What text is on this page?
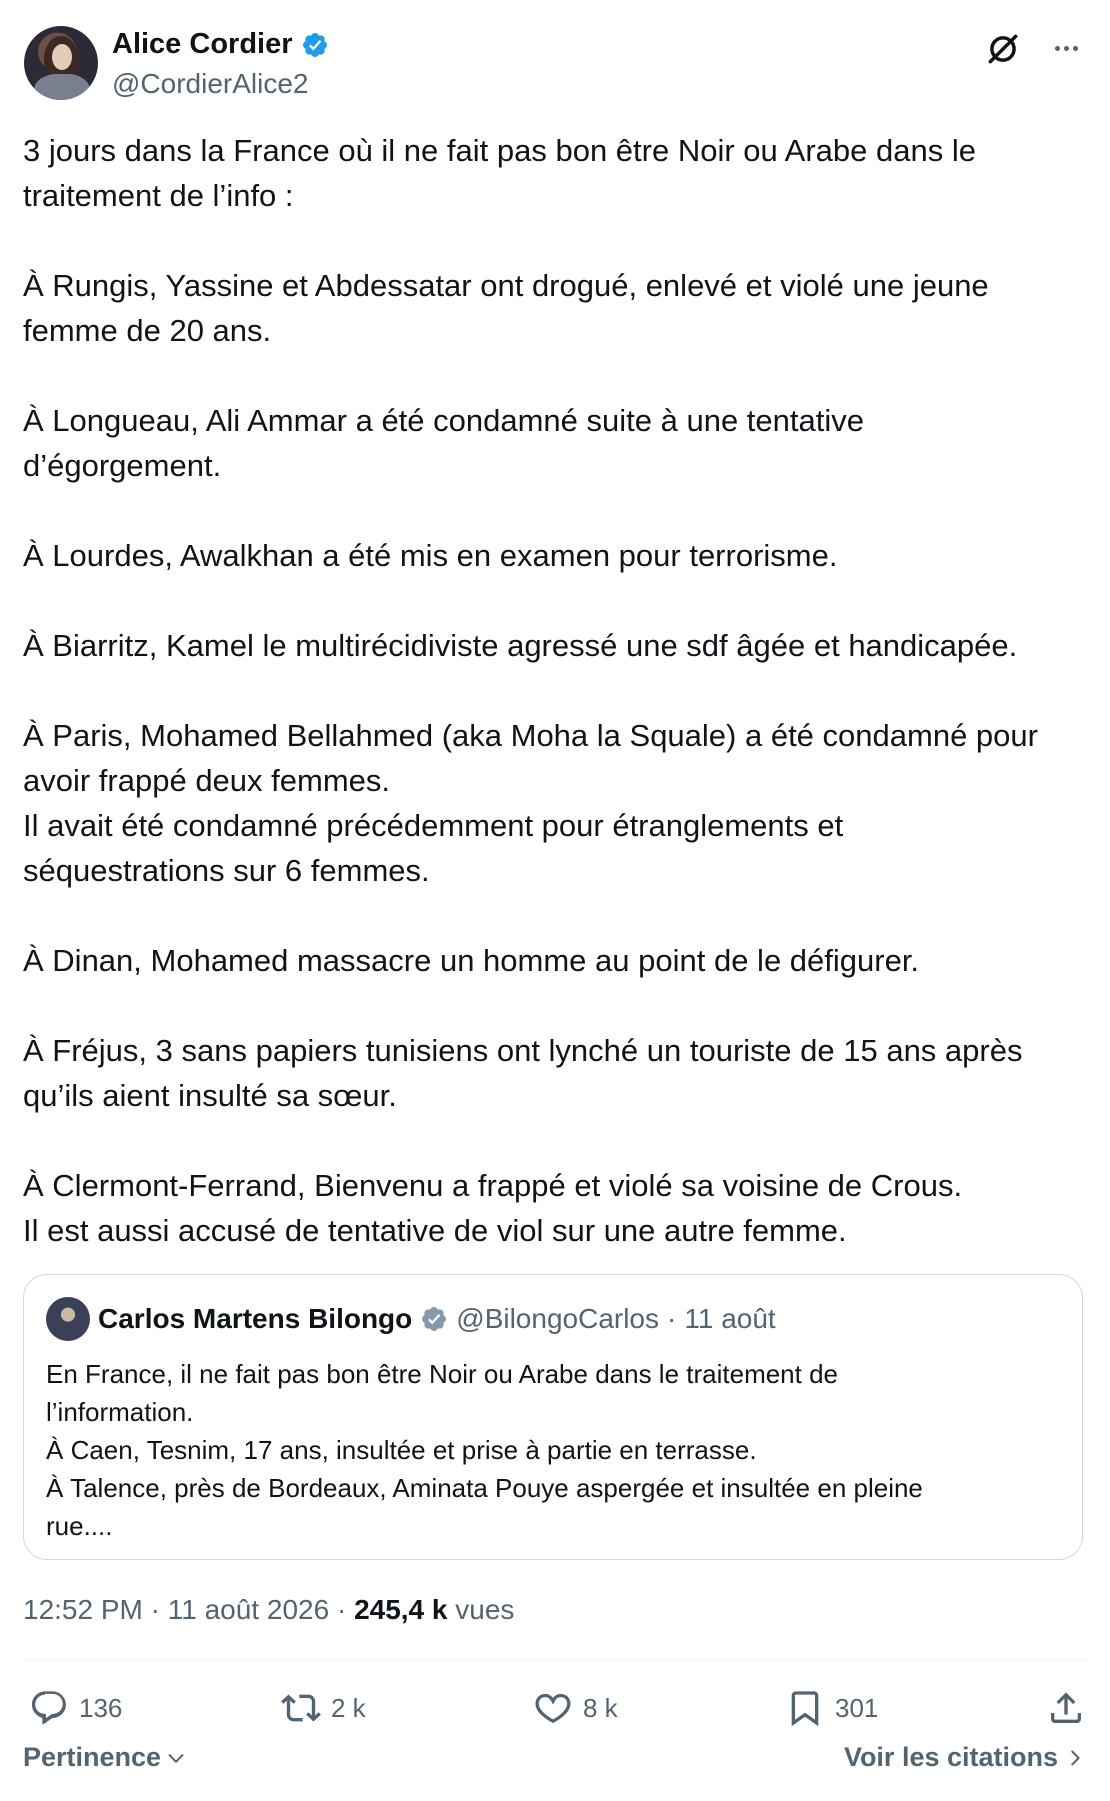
Alice Cordier
@CordierAlice2

3 jours dans la France où il ne fait pas bon être Noir ou Arabe dans le
traitement de l’info :

À Rungis, Yassine et Abdessatar ont drogué, enlevé et violé une jeune
femme de 20 ans.

À Longueau, Ali Ammar a été condamné suite à une tentative
d’égorgement.

À Lourdes, Awalkhan a été mis en examen pour terrorisme.

À Biarritz, Kamel le multirécidiviste agressé une sdf âgée et handicapée.

À Paris, Mohamed Bellahmed (aka Moha la Squale) a été condamné pour
avoir frappé deux femmes.
Il avait été condamné précédemment pour étranglements et
séquestrations sur 6 femmes.

À Dinan, Mohamed massacre un homme au point de le défigurer.

À Fréjus, 3 sans papiers tunisiens ont lynché un touriste de 15 ans après
qu’ils aient insulté sa sœur.

À Clermont-Ferrand, Bienvenu a frappé et violé sa voisine de Crous.
Il est aussi accusé de tentative de viol sur une autre femme.

Carlos Martens Bilongo @BilongoCarlos · 11 août

En France, il ne fait pas bon être Noir ou Arabe dans le traitement de

l’information.

À Caen, Tesnim, 17 ans, insultée et prise à partie en terrasse.

À Talence, près de Bordeaux, Aminata Pouye aspergée et insultée en pleine

rue....

12:52 PM · 11 août 2026 · 245,4 k vues
136	2 k	8 k	301
Pertinence	Voir les citations
